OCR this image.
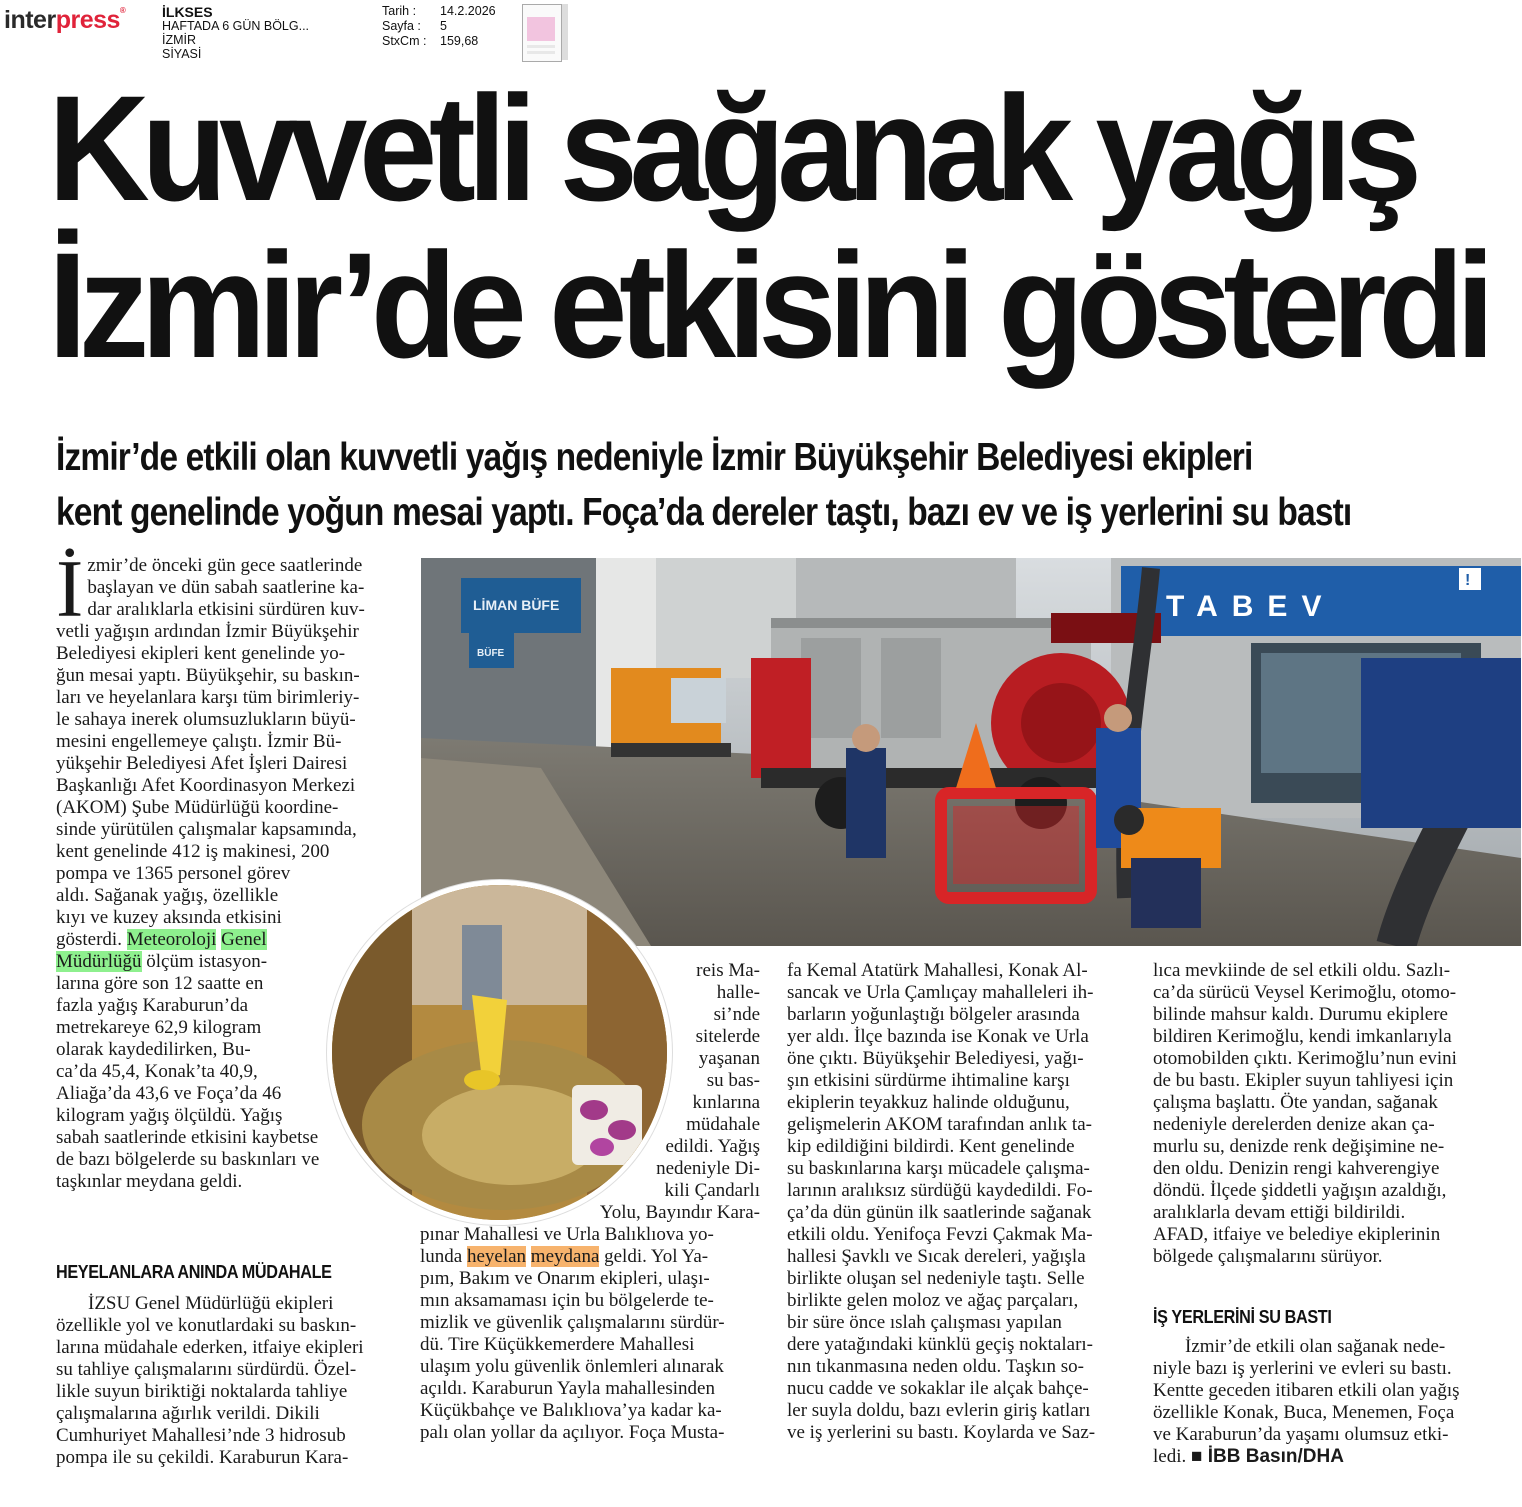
interpress®	İLKSES
HAFTADA 6 GÜN BÖLG...
İZMİR
SİYASİ
Tarih : 14.2.2026
Sayfa : 5
StxCm : 159,68
Kuvvetli sağanak yağış
İzmir’de etkisini gösterdi
İzmir’de etkili olan kuvvetli yağış nedeniyle İzmir Büyükşehir Belediyesi ekipleri
kent genelinde yoğun mesai yaptı. Foça’da dereler taştı, bazı ev ve iş yerlerini su bastı
LİMAN BÜFE
BÜFE
TABEV
!
İ zmir’de önceki gün gece saatlerinde
başlayan ve dün sabah saatlerine ka-
dar aralıklarla etkisini sürdüren kuv-
vetli yağışın ardından İzmir Büyükşehir
Belediyesi ekipleri kent genelinde yo-
ğun mesai yaptı. Büyükşehir, su baskın-
ları ve heyelanlara karşı tüm birimleriy-
le sahaya inerek olumsuzlukların büyü-
mesini engellemeye çalıştı. İzmir Bü-
yükşehir Belediyesi Afet İşleri Dairesi
Başkanlığı Afet Koordinasyon Merkezi
(AKOM) Şube Müdürlüğü koordine-
sinde yürütülen çalışmalar kapsamında,
kent genelinde 412 iş makinesi, 200
pompa ve 1365 personel görev
aldı. Sağanak yağış, özellikle
kıyı ve kuzey aksında etkisini
gösterdi. Meteoroloji Genel
Müdürlüğü ölçüm istasyon-
larına göre son 12 saatte en
fazla yağış Karaburun’da
metrekareye 62,9 kilogram
olarak kaydedilirken, Bu-
ca’da 45,4, Konak’ta 40,9,
Aliağa’da 43,6 ve Foça’da 46
kilogram yağış ölçüldü. Yağış
sabah saatlerinde etkisini kaybetse
de bazı bölgelerde su baskınları ve
taşkınlar meydana geldi.
HEYELANLARA ANINDA MÜDAHALE
İZSU Genel Müdürlüğü ekipleri
özellikle yol ve konutlardaki su baskın-
larına müdahale ederken, itfaiye ekipleri
su tahliye çalışmalarını sürdürdü. Özel-
likle suyun biriktiği noktalarda tahliye
çalışmalarına ağırlık verildi. Dikili
Cumhuriyet Mahallesi’nde 3 hidrosub
pompa ile su çekildi. Karaburun Kara-
reis Ma-
halle-
si’nde
sitelerde
yaşanan
su bas-
kınlarına
müdahale
edildi. Yağış
nedeniyle Di-
kili Çandarlı
Yolu, Bayındır Kara-
pınar Mahallesi ve Urla Balıklıova yo-
lunda heyelan meydana geldi. Yol Ya-
pım, Bakım ve Onarım ekipleri, ulaşı-
mın aksamaması için bu bölgelerde te-
mizlik ve güvenlik çalışmalarını sürdür-
dü. Tire Küçükkemerdere Mahallesi
ulaşım yolu güvenlik önlemleri alınarak
açıldı. Karaburun Yayla mahallesinden
Küçükbahçe ve Balıklıova’ya kadar ka-
palı olan yollar da açılıyor. Foça Musta-
fa Kemal Atatürk Mahallesi, Konak Al-
sancak ve Urla Çamlıçay mahalleleri ih-
barların yoğunlaştığı bölgeler arasında
yer aldı. İlçe bazında ise Konak ve Urla
öne çıktı. Büyükşehir Belediyesi, yağı-
şın etkisini sürdürme ihtimaline karşı
ekiplerin teyakkuz halinde olduğunu,
gelişmelerin AKOM tarafından anlık ta-
kip edildiğini bildirdi. Kent genelinde
su baskınlarına karşı mücadele çalışma-
larının aralıksız sürdüğü kaydedildi. Fo-
ça’da dün günün ilk saatlerinde sağanak
etkili oldu. Yenifoça Fevzi Çakmak Ma-
hallesi Şavklı ve Sıcak dereleri, yağışla
birlikte oluşan sel nedeniyle taştı. Selle
birlikte gelen moloz ve ağaç parçaları,
bir süre önce ıslah çalışması yapılan
dere yatağındaki künklü geçiş noktaları-
nın tıkanmasına neden oldu. Taşkın so-
nucu cadde ve sokaklar ile alçak bahçe-
ler suyla doldu, bazı evlerin giriş katları
ve iş yerlerini su bastı. Koylarda ve Saz-
lıca mevkiinde de sel etkili oldu. Sazlı-
ca’da sürücü Veysel Kerimoğlu, otomo-
bilinde mahsur kaldı. Durumu ekiplere
bildiren Kerimoğlu, kendi imkanlarıyla
otomobilden çıktı. Kerimoğlu’nun evini
de bu bastı. Ekipler suyun tahliyesi için
çalışma başlattı. Öte yandan, sağanak
nedeniyle derelerden denize akan ça-
murlu su, denizde renk değişimine ne-
den oldu. Denizin rengi kahverengiye
döndü. İlçede şiddetli yağışın azaldığı,
aralıklarla devam ettiği bildirildi.
AFAD, itfaiye ve belediye ekiplerinin
bölgede çalışmalarını sürüyor.
İŞ YERLERİNİ SU BASTI
İzmir’de etkili olan sağanak nede-
niyle bazı iş yerlerini ve evleri su bastı.
Kentte geceden itibaren etkili olan yağış
özellikle Konak, Buca, Menemen, Foça
ve Karaburun’da yaşamı olumsuz etki-
ledi. ■ İBB Basın/DHA
